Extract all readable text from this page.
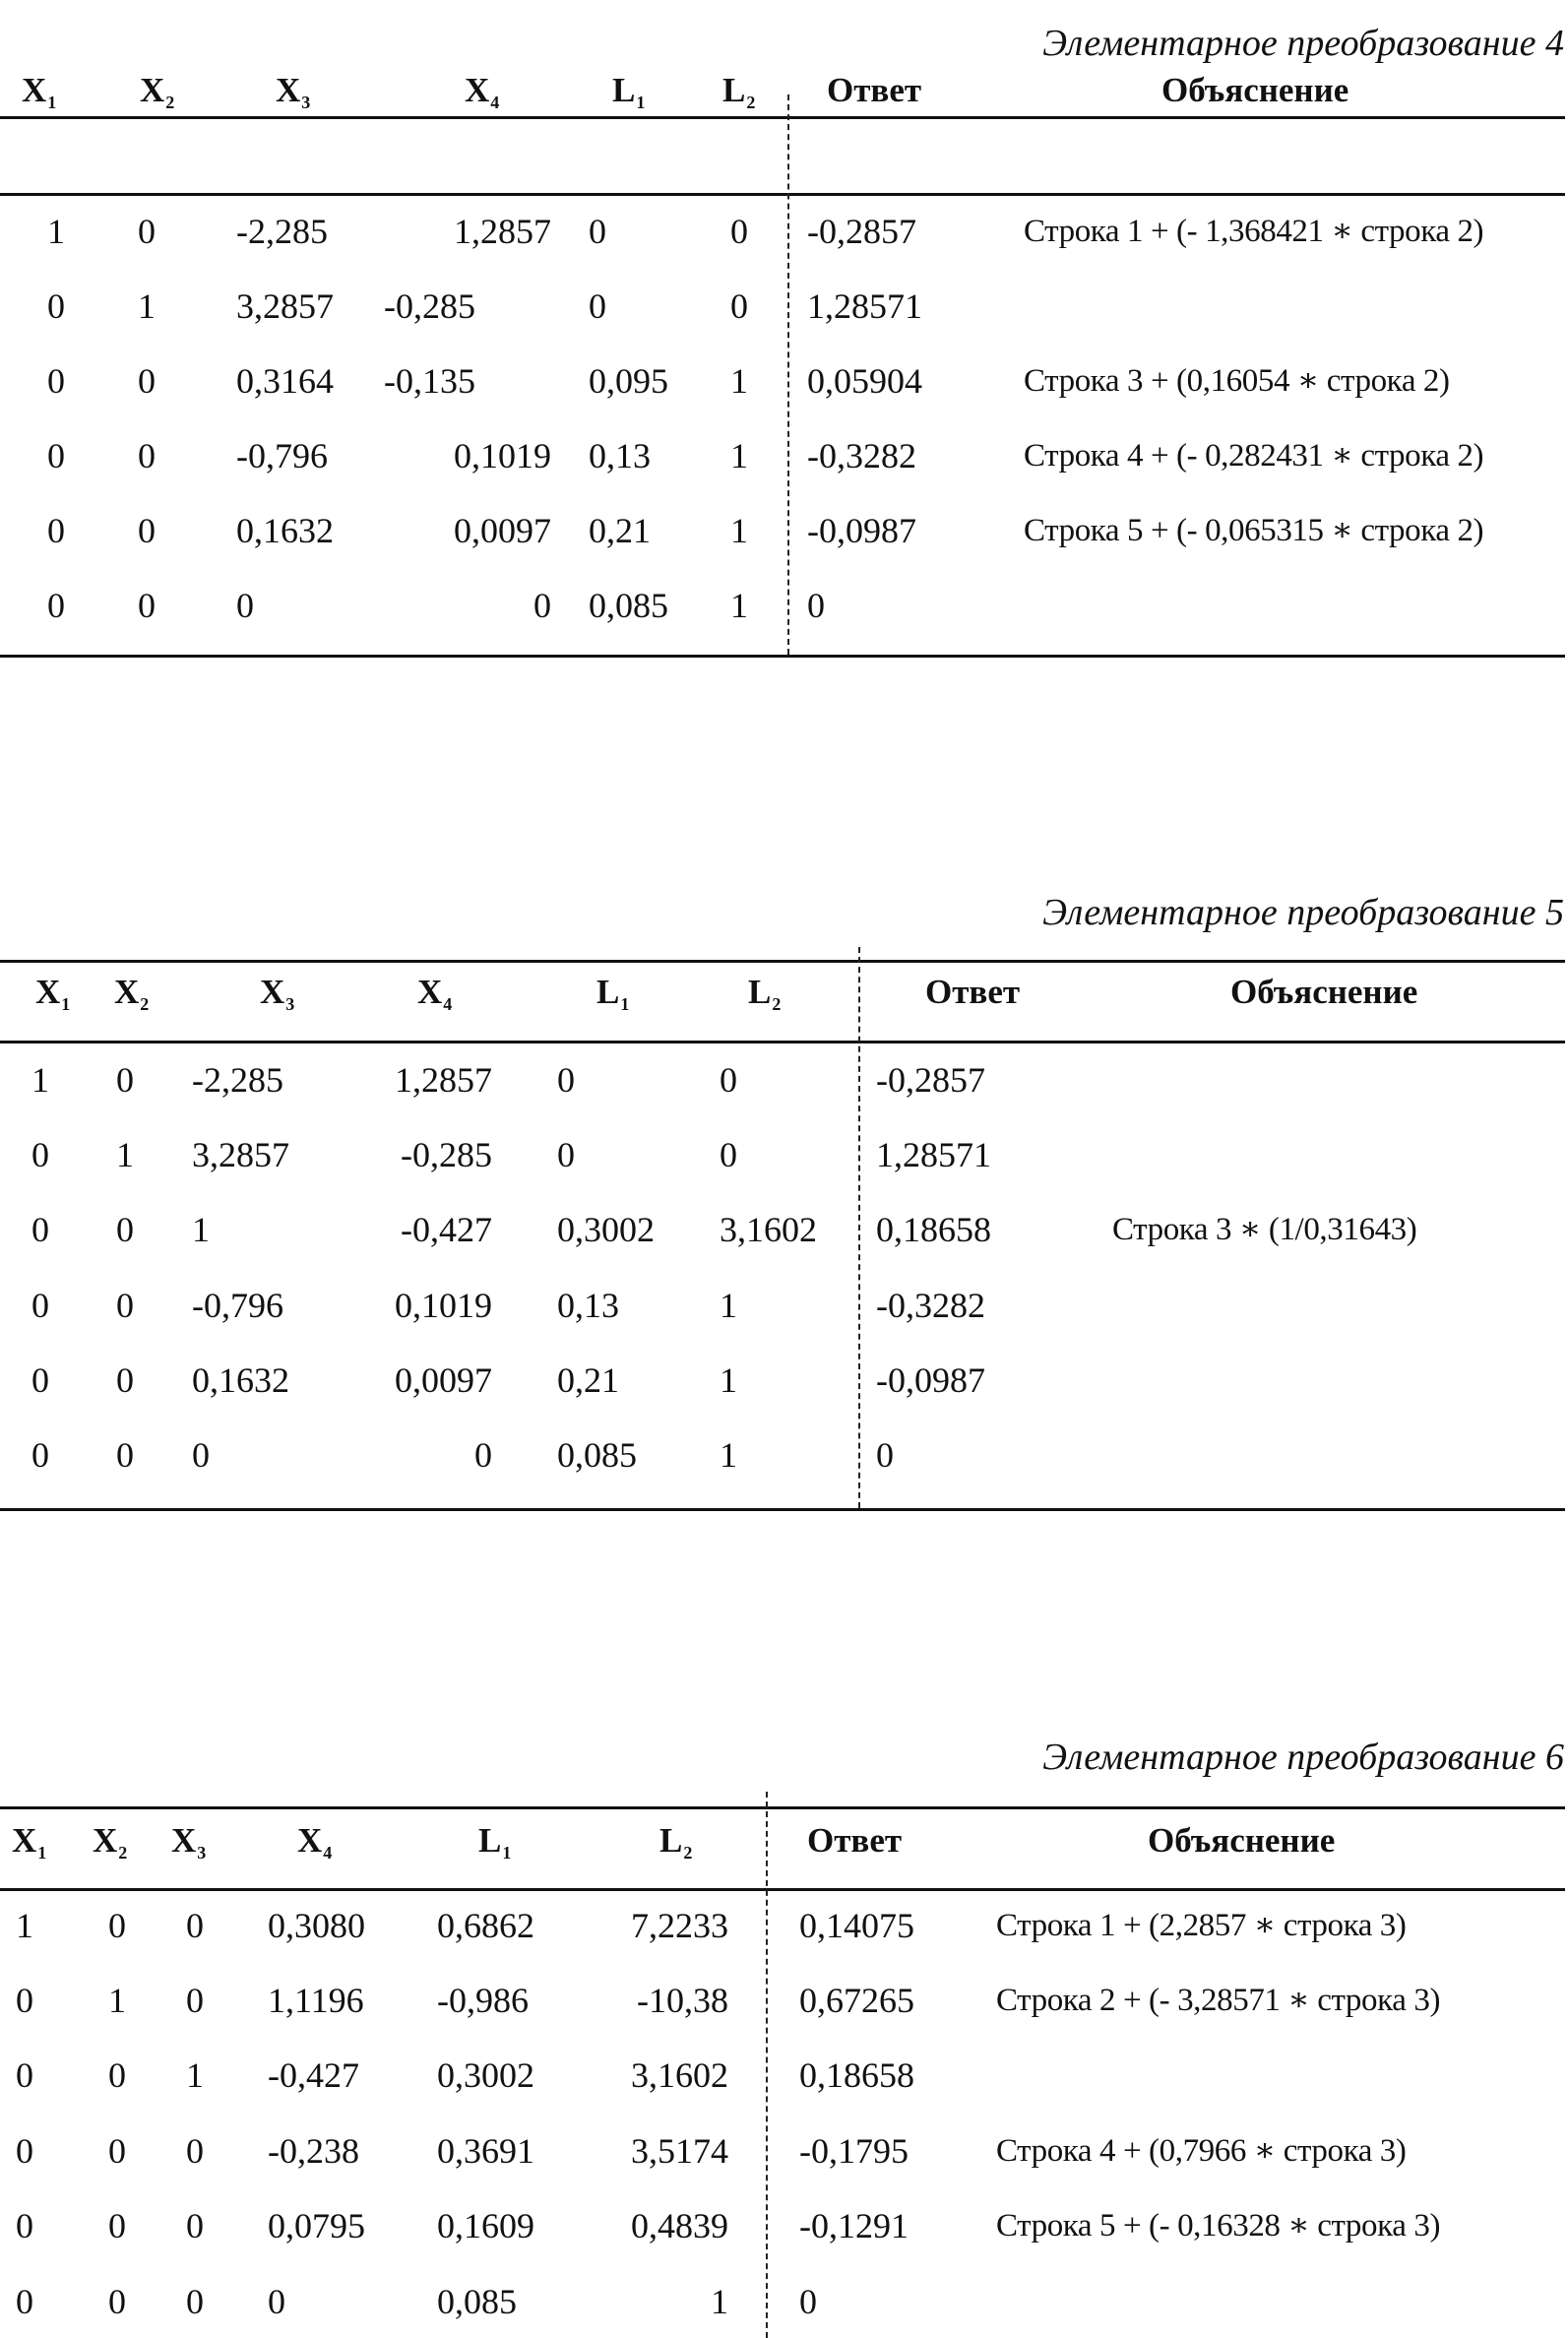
Элементарное преобразование 4
$X_1$ $X_2$	$X_3$	$X_4$	$L_1$ $L_2$ Ответ	Объяснение
1 0 -2,285	1,2857 0	0 -0,2857	Строка 1 + (- 1,368421 ∗ строка 2)
0 1 3,2857 -0,285	0	0 1,28571
0 0 0,3164 -0,135	0,095 1 0,05904	Строка 3 + (0,16054 ∗ строка 2)
0 0 -0,796	0,1019 0,13 1 -0,3282	Строка 4 + (- 0,282431 ∗ строка 2)
0 0 0,1632	0,0097 0,21 1 -0,0987	Строка 5 + (- 0,065315 ∗ строка 2)
0 0 0	0 0,085 1 0
Элементарное преобразование 5
$X_1$ $X_2$	$X_3$	$X_4$	$L_1$	$L_2$	Ответ	Объяснение
1 0 -2,285	1,2857 0	0	-0,2857
0 1 3,2857	-0,285 0	0	1,28571
0 0 1	-0,427 0,3002 3,1602 0,18658	Строка 3 ∗ (1/0,31643)
0 0 -0,796	0,1019 0,13	1	-0,3282
0 0 0,1632	0,0097 0,21	1	-0,0987
0 0 0	0 0,085 1	0
Элементарное преобразование 6
$X_1$ $X_2$ $X_3$	$X_4$	$L_1$	$L_2$	Ответ	Объяснение
1 0 0 0,3080 0,6862	7,2233 0,14075	Строка 1 + (2,2857 ∗ строка 3)
0 1 0 1,1196 -0,986	-10,38 0,67265	Строка 2 + (- 3,28571 ∗ строка 3)
0 0 1 -0,427 0,3002	3,1602 0,18658
0 0 0 -0,238 0,3691	3,5174 -0,1795	Строка 4 + (0,7966 ∗ строка 3)
0 0 0 0,0795 0,1609	0,4839 -0,1291	Строка 5 + (- 0,16328 ∗ строка 3)
0 0 0 0	0,085	1 0
